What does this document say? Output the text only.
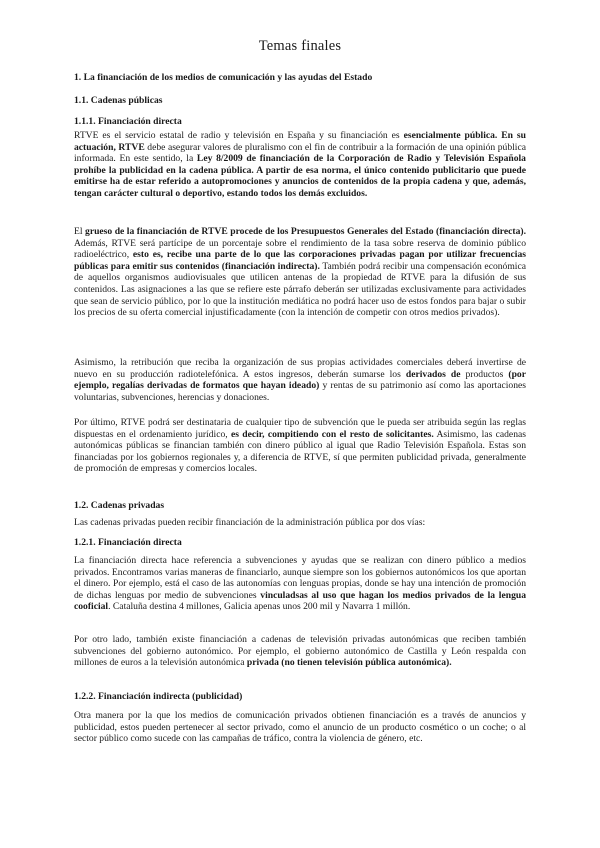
Temas finales
1. La financiación de los medios de comunicación y las ayudas del Estado
1.1. Cadenas públicas
1.1.1. Financiación directa

RTVE es el servicio estatal de radio y televisión en España y su financiación es esencialmente pública. En su actuación, RTVE debe asegurar valores de pluralismo con el fin de contribuir a la formación de una opinión pública informada. En este sentido, la Ley 8/2009 de financiación de la Corporación de Radio y Televisión Española prohíbe la publicidad en la cadena pública. A partir de esa norma, el único contenido publicitario que puede emitirse ha de estar referido a autopromociones y anuncios de contenidos de la propia cadena y que, además, tengan carácter cultural o deportivo, estando todos los demás excluidos.

El grueso de la financiación de RTVE procede de los Presupuestos Generales del Estado (financiación directa). Además, RTVE será partícipe de un porcentaje sobre el rendimiento de la tasa sobre reserva de dominio público radioeléctrico, esto es, recibe una parte de lo que las corporaciones privadas pagan por utilizar frecuencias públicas para emitir sus contenidos (financiación indirecta). También podrá recibir una compensación económica de aquellos organismos audiovisuales que utilicen antenas de la propiedad de RTVE para la difusión de sus contenidos. Las asignaciones a las que se refiere este párrafo deberán ser utilizadas exclusivamente para actividades que sean de servicio público, por lo que la institución mediática no podrá hacer uso de estos fondos para bajar o subir los precios de su oferta comercial injustificadamente (con la intención de competir con otros medios privados).

Asimismo, la retribución que reciba la organización de sus propias actividades comerciales deberá invertirse de nuevo en su producción radiotelefónica. A estos ingresos, deberán sumarse los derivados de productos (por ejemplo, regalías derivadas de formatos que hayan ideado) y rentas de su patrimonio así como las aportaciones voluntarias, subvenciones, herencias y donaciones.

Por último, RTVE podrá ser destinataria de cualquier tipo de subvención que le pueda ser atribuida según las reglas dispuestas en el ordenamiento jurídico, es decir, compitiendo con el resto de solicitantes. Asimismo, las cadenas autonómicas públicas se financian también con dinero público al igual que Radio Televisión Española. Estas son financiadas por los gobiernos regionales y, a diferencia de RTVE, sí que permiten publicidad privada, generalmente de promoción de empresas y comercios locales.

1.2. Cadenas privadas

Las cadenas privadas pueden recibir financiación de la administración pública por dos vías:

1.2.1. Financiación directa

La financiación directa hace referencia a subvenciones y ayudas que se realizan con dinero público a medios privados. Encontramos varias maneras de financiarlo, aunque siempre son los gobiernos autonómicos los que aportan el dinero. Por ejemplo, está el caso de las autonomías con lenguas propias, donde se hay una intención de promoción de dichas lenguas por medio de subvenciones vinculadsas al uso que hagan los medios privados de la lengua cooficial. Cataluña destina 4 millones, Galicia apenas unos 200 mil y Navarra 1 millón.

Por otro lado, también existe financiación a cadenas de televisión privadas autonómicas que reciben también subvenciones del gobierno autonómico. Por ejemplo, el gobierno autonómico de Castilla y León respalda con millones de euros a la televisión autonómica privada (no tienen televisión pública autonómica).

1.2.2. Financiación indirecta (publicidad)

Otra manera por la que los medios de comunicación privados obtienen financiación es a través de anuncios y publicidad, estos pueden pertenecer al sector privado, como el anuncio de un producto cosmético o un coche; o al sector público como sucede con las campañas de tráfico, contra la violencia de género, etc.
